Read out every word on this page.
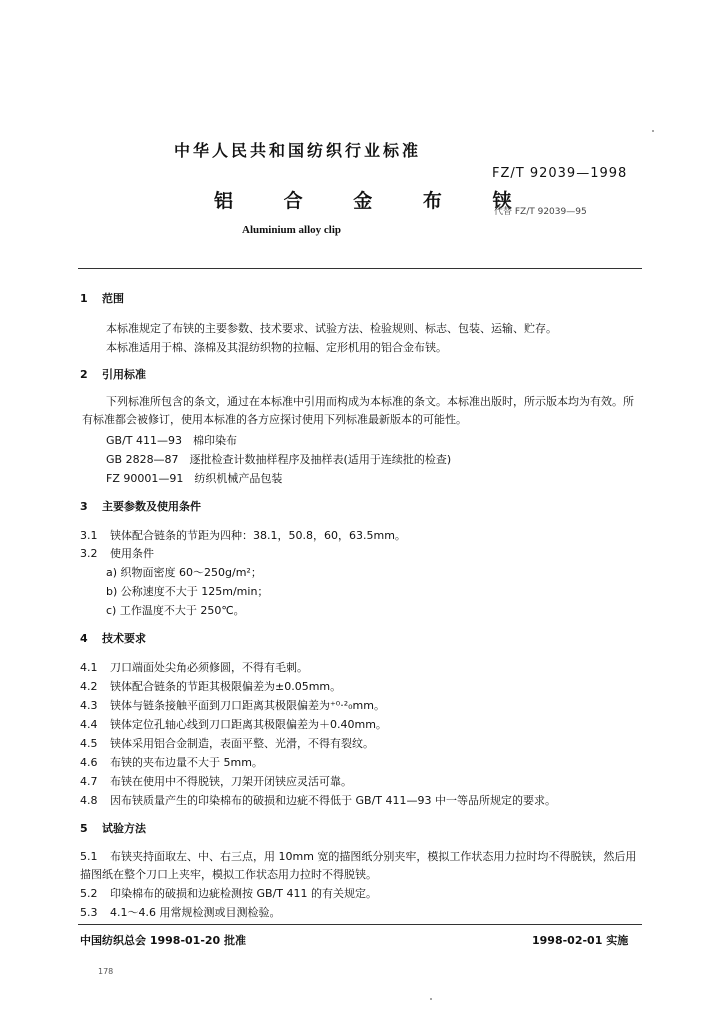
中华人民共和国纺织行业标准
FZ/T 92039—1998
铝 合 金 布 铗
代替 FZ/T 92039—95
Aluminium alloy clip
1 范围
本标准规定了布铗的主要参数、技术要求、试验方法、检验规则、标志、包装、运输、贮存。
本标准适用于棉、涤棉及其混纺织物的拉幅、定形机用的铝合金布铗。
2 引用标准
下列标准所包含的条文，通过在本标准中引用而构成为本标准的条文。本标准出版时，所示版本均为有效。所有标准都会被修订，使用本标准的各方应探讨使用下列标准最新版本的可能性。
GB/T 411—93　棉印染布
GB 2828—87　逐批检查计数抽样程序及抽样表(适用于连续批的检查)
FZ 90001—91　纺织机械产品包装
3 主要参数及使用条件
3.1 铗体配合链条的节距为四种：38.1，50.8，60，63.5mm。
3.2 使用条件
a) 织物面密度 60～250g/m²；
b) 公称速度不大于 125m/min；
c) 工作温度不大于 250℃。
4 技术要求
4.1 刀口端面处尖角必须修圆，不得有毛刺。
4.2 铗体配合链条的节距其极限偏差为±0.05mm。
4.3 铗体与链条接触平面到刀口距离其极限偏差为⁺⁰·²₀mm。
4.4 铗体定位孔轴心线到刀口距离其极限偏差为＋0.40mm。
4.5 铗体采用铝合金制造，表面平整、光滑，不得有裂纹。
4.6 布铗的夹布边量不大于 5mm。
4.7 布铗在使用中不得脱铗，刀架开闭铗应灵活可靠。
4.8 因布铗质量产生的印染棉布的破损和边疵不得低于 GB/T 411—93 中一等品所规定的要求。
5 试验方法
5.1 布铗夹持面取左、中、右三点，用 10mm 宽的描图纸分别夹牢，模拟工作状态用力拉时均不得脱铗，然后用描图纸在整个刀口上夹牢，模拟工作状态用力拉时不得脱铗。
5.2 印染棉布的破损和边疵检测按 GB/T 411 的有关规定。
5.3 4.1～4.6 用常规检测或目测检验。
中国纺织总会 1998-01-20 批准	1998-02-01 实施
178
